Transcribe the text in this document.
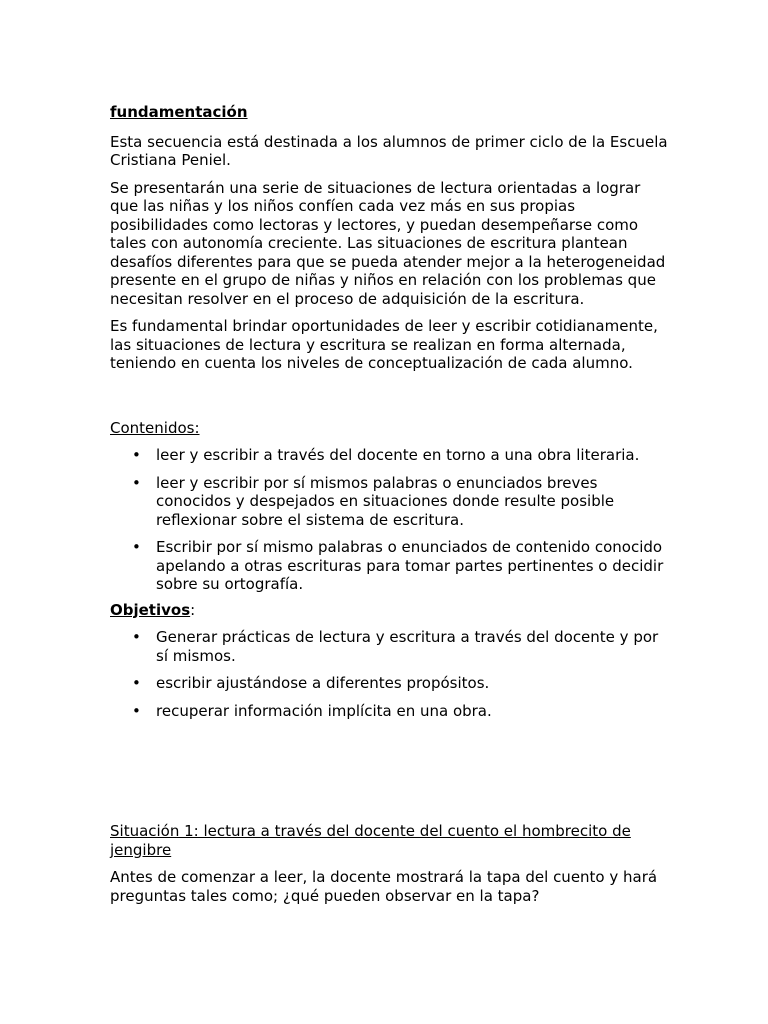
fundamentación

Esta secuencia está destinada a los alumnos de primer ciclo de la Escuela Cristiana Peniel.

Se presentarán una serie de situaciones de lectura orientadas a lograr que las niñas y los niños confíen cada vez más en sus propias posibilidades como lectoras y lectores, y puedan desempeñarse como tales con autonomía creciente. Las situaciones de escritura plantean desafíos diferentes para que se pueda atender mejor a la heterogeneidad presente en el grupo de niñas y niños en relación con los problemas que necesitan resolver en el proceso de adquisición de la escritura.

Es fundamental brindar oportunidades de leer y escribir cotidianamente, las situaciones de lectura y escritura se realizan en forma alternada, teniendo en cuenta los niveles de conceptualización de cada alumno.

Contenidos:

• leer y escribir a través del docente en torno a una obra literaria.
• leer y escribir por sí mismos palabras o enunciados breves conocidos y despejados en situaciones donde resulte posible reflexionar sobre el sistema de escritura.
• Escribir por sí mismo palabras o enunciados de contenido conocido apelando a otras escrituras para tomar partes pertinentes o decidir sobre su ortografía.

Objetivos:

• Generar prácticas de lectura y escritura a través del docente y por sí mismos.
• escribir ajustándose a diferentes propósitos.
• recuperar información implícita en una obra.

Situación 1: lectura a través del docente del cuento el hombrecito de jengibre

Antes de comenzar a leer, la docente mostrará la tapa del cuento y hará preguntas tales como; ¿qué pueden observar en la tapa?
